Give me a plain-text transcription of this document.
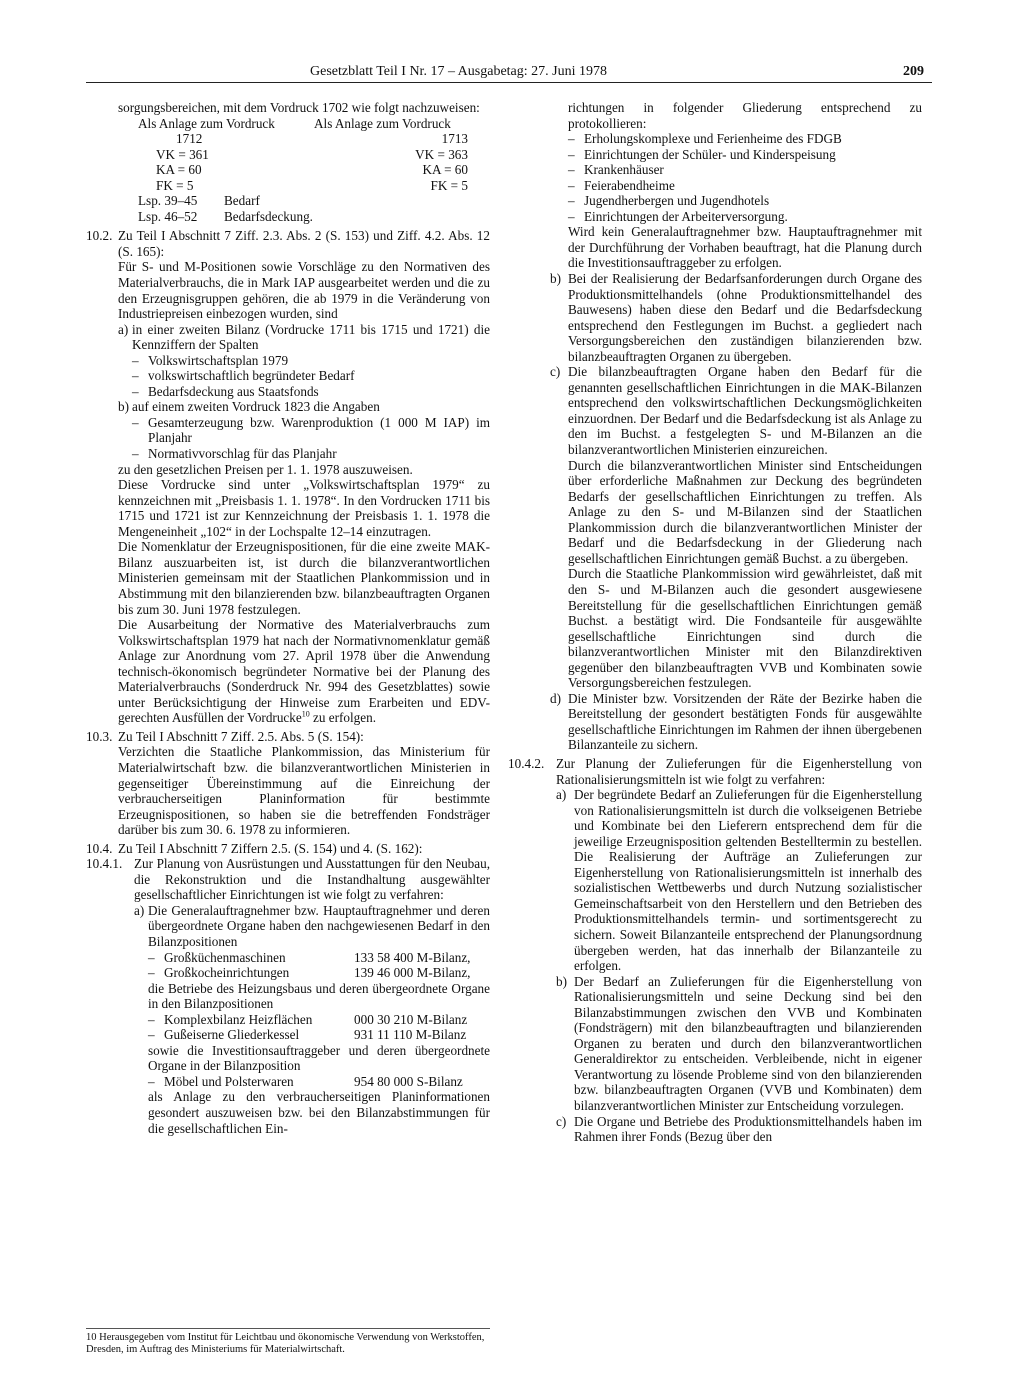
Gesetzblatt Teil I Nr. 17 – Ausgabetag: 27. Juni 1978	209

sorgungsbereichen, mit dem Vordruck 1702 wie folgt nachzuweisen:

Als Anlage zum Vordruck	Als Anlage zum Vordruck
1712	1713
VK = 361	VK = 363
KA = 60	KA = 60
FK = 5	FK = 5
Lsp. 39–45 Bedarf
Lsp. 46–52 Bedarfsdeckung.
10.2. Zu Teil I Abschnitt 7 Ziff. 2.3. Abs. 2 (S. 153) und Ziff. 4.2. Abs. 12 (S. 165):

Für S- und M-Positionen sowie Vorschläge zu den Normativen des Materialverbrauchs, die in Mark IAP ausgearbeitet werden und die zu den Erzeugnisgruppen gehören, die ab 1979 in die Veränderung von Industriepreisen einbezogen wurden, sind

a) in einer zweiten Bilanz (Vordrucke 1711 bis 1715 und 1721) die Kennziffern der Spalten

– Volkswirtschaftsplan 1979
– volkswirtschaftlich begründeter Bedarf
– Bedarfsdeckung aus Staatsfonds
b) auf einem zweiten Vordruck 1823 die Angaben

– Gesamterzeugung bzw. Warenproduktion (1 000 M IAP) im Planjahr
– Normativvorschlag für das Planjahr

zu den gesetzlichen Preisen per 1. 1. 1978 auszuweisen.

Diese Vordrucke sind unter „Volkswirtschaftsplan 1979“ zu kennzeichnen mit „Preisbasis 1. 1. 1978“. In den Vordrucken 1711 bis 1715 und 1721 ist zur Kennzeichnung der Preisbasis 1. 1. 1978 die Mengeneinheit „102“ in der Lochspalte 12–14 einzutragen.

Die Nomenklatur der Erzeugnispositionen, für die eine zweite MAK-Bilanz auszuarbeiten ist, ist durch die bilanzverantwortlichen Ministerien gemeinsam mit der Staatlichen Plankommission und in Abstimmung mit den bilanzierenden bzw. bilanzbeauftragten Organen bis zum 30. Juni 1978 festzulegen.

Die Ausarbeitung der Normative des Materialverbrauchs zum Volkswirtschaftsplan 1979 hat nach der Normativnomenklatur gemäß Anlage zur Anordnung vom 27. April 1978 über die Anwendung technisch-ökonomisch begründeter Normative bei der Planung des Materialverbrauchs (Sonderdruck Nr. 994 des Gesetzblattes) sowie unter Berücksichtigung der Hinweise zum Erarbeiten und EDV-gerechten Ausfüllen der Vordrucke$^{10}$ zu erfolgen.

10.3. Zu Teil I Abschnitt 7 Ziff. 2.5. Abs. 5 (S. 154):

Verzichten die Staatliche Plankommission, das Ministerium für Materialwirtschaft bzw. die bilanzverantwortlichen Ministerien in gegenseitiger Übereinstimmung auf die Einreichung der verbraucherseitigen Planinformation für bestimmte Erzeugnispositionen, so haben sie die betreffenden Fondsträger darüber bis zum 30. 6. 1978 zu informieren.

10.4. Zu Teil I Abschnitt 7 Ziffern 2.5. (S. 154) und 4. (S. 162):

10.4.1. Zur Planung von Ausrüstungen und Ausstattungen für den Neubau, die Rekonstruktion und die Instandhaltung ausgewählter gesellschaftlicher Einrichtungen ist wie folgt zu verfahren:

a) Die Generalauftragnehmer bzw. Hauptauftragnehmer und deren übergeordnete Organe haben den nachgewiesenen Bedarf in den Bilanzpositionen

– Großküchenmaschinen	133 58 400 M-Bilanz,
– Großkocheinrichtungen	139 46 000 M-Bilanz,

die Betriebe des Heizungsbaus und deren übergeordnete Organe in den Bilanzpositionen

– Komplexbilanz Heizflächen	000 30 210 M-Bilanz
– Gußeiserne Gliederkessel	931 11 110 M-Bilanz

sowie die Investitionsauftraggeber und deren übergeordnete Organe in der Bilanzposition

– Möbel und Polsterwaren	954 80 000 S-Bilanz

als Anlage zu den verbraucherseitigen Planinformationen gesondert auszuweisen bzw. bei den Bilanzabstimmungen für die gesellschaftlichen Ein-

10 Herausgegeben vom Institut für Leichtbau und ökonomische Verwendung von Werkstoffen, Dresden, im Auftrag des Ministeriums für Materialwirtschaft.

richtungen in folgender Gliederung entsprechend zu protokollieren:

– Erholungskomplexe und Ferienheime des FDGB
– Einrichtungen der Schüler- und Kinderspeisung
– Krankenhäuser
– Feierabendheime
– Jugendherbergen und Jugendhotels
– Einrichtungen der Arbeiterversorgung.

Wird kein Generalauftragnehmer bzw. Hauptauftragnehmer mit der Durchführung der Vorhaben beauftragt, hat die Planung durch die Investitionsauftraggeber zu erfolgen.

b) Bei der Realisierung der Bedarfsanforderungen durch Organe des Produktionsmittelhandels (ohne Produktionsmittelhandel des Bauwesens) haben diese den Bedarf und die Bedarfsdeckung entsprechend den Festlegungen im Buchst. a gegliedert nach Versorgungsbereichen den zuständigen bilanzierenden bzw. bilanzbeauftragten Organen zu übergeben.

c) Die bilanzbeauftragten Organe haben den Bedarf für die genannten gesellschaftlichen Einrichtungen in die MAK-Bilanzen entsprechend den volkswirtschaftlichen Deckungsmöglichkeiten einzuordnen. Der Bedarf und die Bedarfsdeckung ist als Anlage zu den im Buchst. a festgelegten S- und M-Bilanzen an die bilanzverantwortlichen Ministerien einzureichen.

Durch die bilanzverantwortlichen Minister sind Entscheidungen über erforderliche Maßnahmen zur Deckung des begründeten Bedarfs der gesellschaftlichen Einrichtungen zu treffen. Als Anlage zu den S- und M-Bilanzen sind der Staatlichen Plankommission durch die bilanzverantwortlichen Minister der Bedarf und die Bedarfsdeckung in der Gliederung nach gesellschaftlichen Einrichtungen gemäß Buchst. a zu übergeben.

Durch die Staatliche Plankommission wird gewährleistet, daß mit den S- und M-Bilanzen auch die gesondert ausgewiesene Bereitstellung für die gesellschaftlichen Einrichtungen gemäß Buchst. a bestätigt wird. Die Fondsanteile für ausgewählte gesellschaftliche Einrichtungen sind durch die bilanzverantwortlichen Minister mit den Bilanzdirektiven gegenüber den bilanzbeauftragten VVB und Kombinaten sowie Versorgungsbereichen festzulegen.

d) Die Minister bzw. Vorsitzenden der Räte der Bezirke haben die Bereitstellung der gesondert bestätigten Fonds für ausgewählte gesellschaftliche Einrichtungen im Rahmen der ihnen übergebenen Bilanzanteile zu sichern.

10.4.2. Zur Planung der Zulieferungen für die Eigenherstellung von Rationalisierungsmitteln ist wie folgt zu verfahren:

a) Der begründete Bedarf an Zulieferungen für die Eigenherstellung von Rationalisierungsmitteln ist durch die volkseigenen Betriebe und Kombinate bei den Lieferern entsprechend dem für die jeweilige Erzeugnisposition geltenden Bestelltermin zu bestellen. Die Realisierung der Aufträge an Zulieferungen zur Eigenherstellung von Rationalisierungsmitteln ist innerhalb des sozialistischen Wettbewerbs und durch Nutzung sozialistischer Gemeinschaftsarbeit von den Herstellern und den Betrieben des Produktionsmittelhandels termin- und sortimentsgerecht zu sichern. Soweit Bilanzanteile entsprechend der Planungsordnung übergeben werden, hat das innerhalb der Bilanzanteile zu erfolgen.

b) Der Bedarf an Zulieferungen für die Eigenherstellung von Rationalisierungsmitteln und seine Deckung sind bei den Bilanzabstimmungen zwischen den VVB und Kombinaten (Fondsträgern) mit den bilanzbeauftragten und bilanzierenden Organen zu beraten und durch den bilanzverantwortlichen Generaldirektor zu entscheiden. Verbleibende, nicht in eigener Verantwortung zu lösende Probleme sind von den bilanzierenden bzw. bilanzbeauftragten Organen (VVB und Kombinaten) dem bilanzverantwortlichen Minister zur Entscheidung vorzulegen.

c) Die Organe und Betriebe des Produktionsmittelhandels haben im Rahmen ihrer Fonds (Bezug über den
